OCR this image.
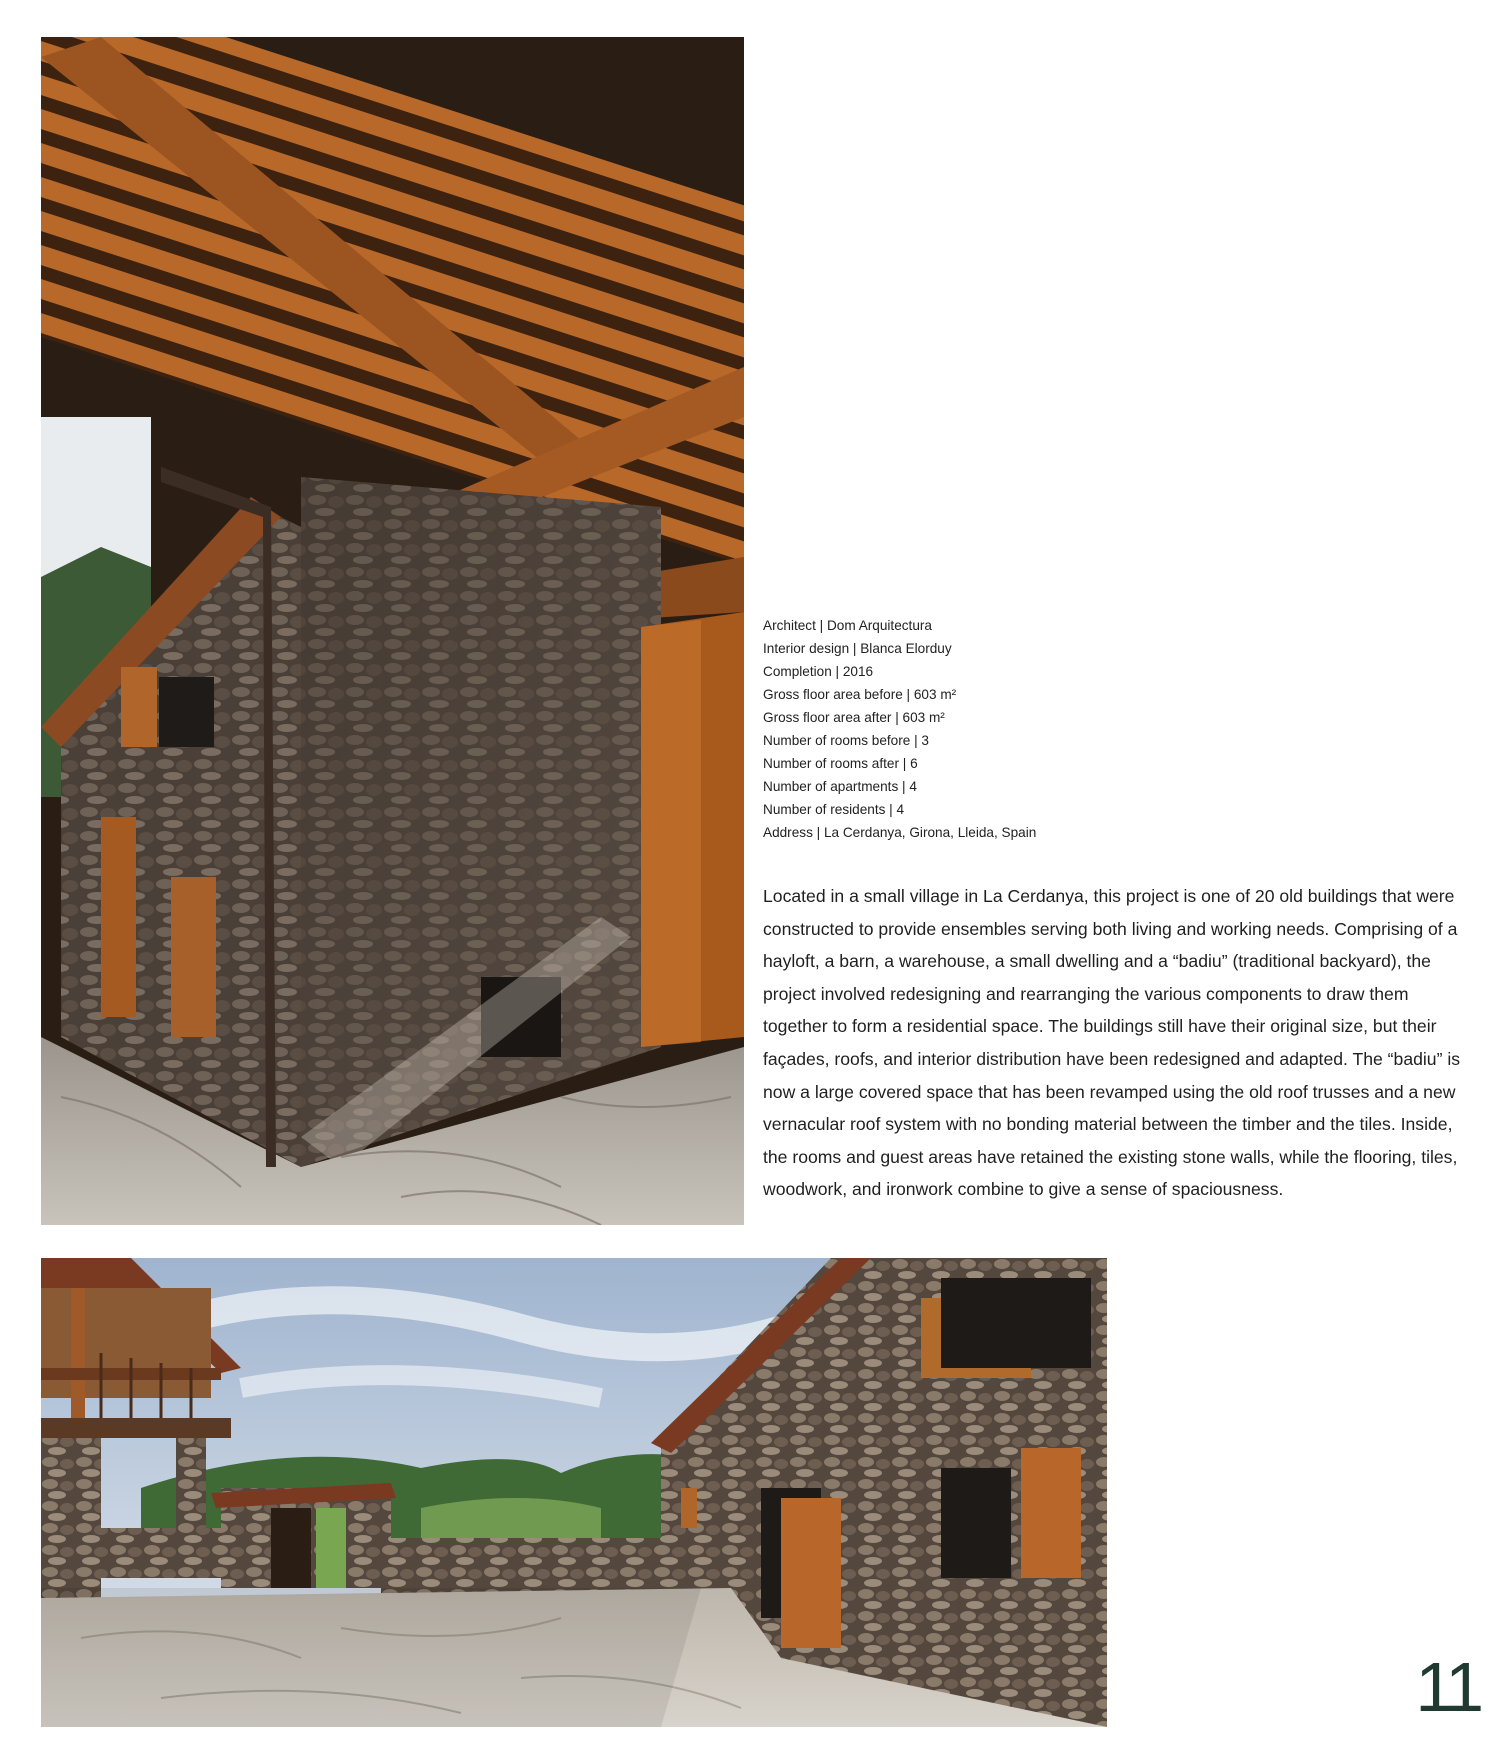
Architect | Dom Arquitectura
Interior design | Blanca Elorduy
Completion | 2016
Gross floor area before | 603 m²
Gross floor area after | 603 m²
Number of rooms before | 3
Number of rooms after | 6
Number of apartments | 4
Number of residents | 4
Address | La Cerdanya, Girona, Lleida, Spain

Located in a small village in La Cerdanya, this project is one of 20 old buildings that were constructed to provide ensembles serving both living and working needs. Comprising of a hayloft, a barn, a warehouse, a small dwelling and a “badiu” (traditional backyard), the project involved redesigning and rearranging the various components to draw them together to form a residential space. The buildings still have their original size, but their façades, roofs, and interior distribution have been redesigned and adapted. The “badiu” is now a large covered space that has been revamped using the old roof trusses and a new vernacular roof system with no bonding material between the timber and the tiles. Inside, the rooms and guest areas have retained the existing stone walls, while the flooring, tiles, woodwork, and ironwork combine to give a sense of spaciousness.

11
